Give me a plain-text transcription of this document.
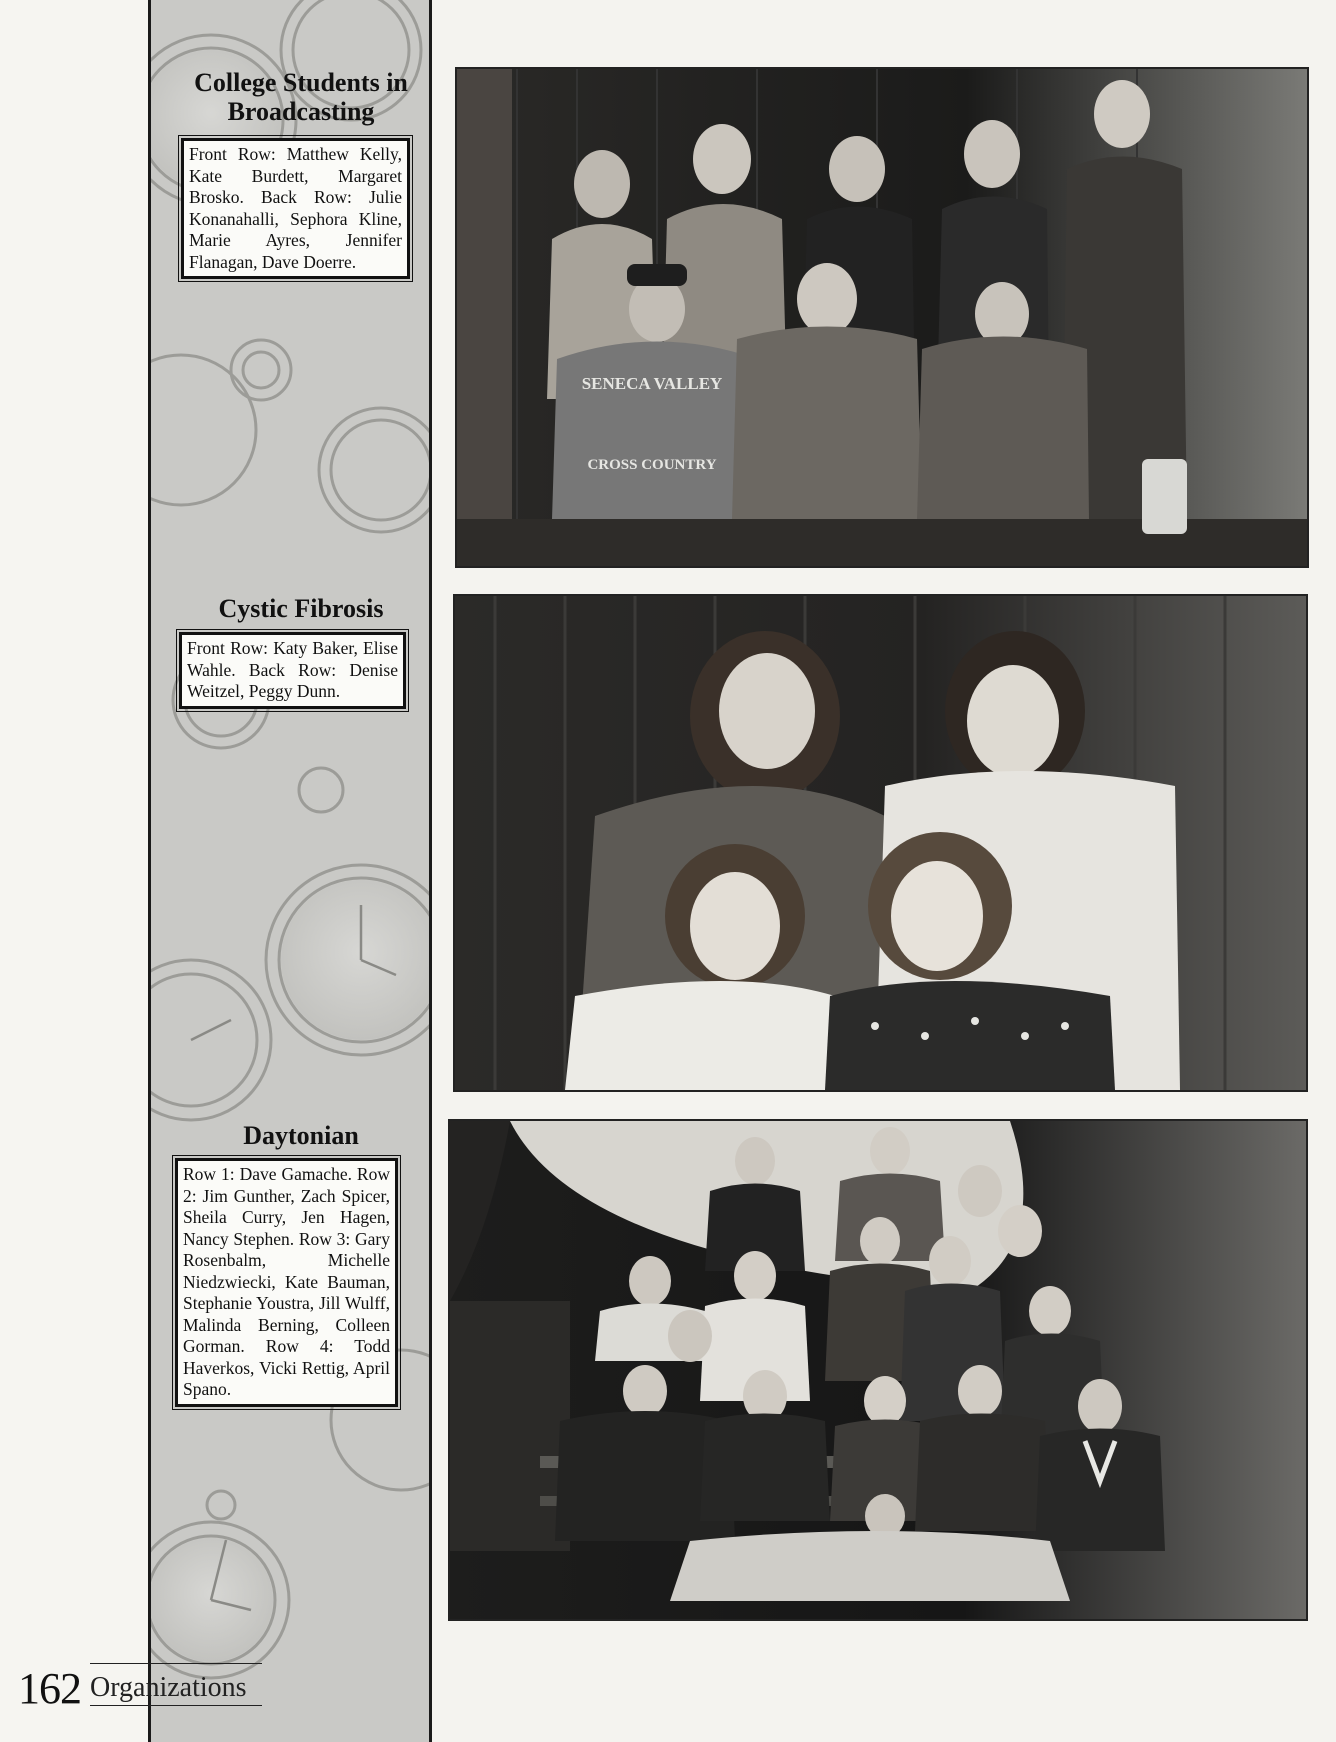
College Students in Broadcasting
Front Row: Matthew Kelly, Kate Burdett, Margaret Brosko. Back Row: Julie Konanahalli, Sephora Kline, Marie Ayres, Jennifer Flanagan, Dave Doerre.
Cystic Fibrosis
Front Row: Katy Baker, Elise Wahle. Back Row: Denise Weitzel, Peggy Dunn.
Daytonian
Row 1: Dave Gamache. Row 2: Jim Gunther, Zach Spicer, Sheila Curry, Jen Hagen, Nancy Stephen. Row 3: Gary Rosenbalm, Michelle Niedzwiecki, Kate Bauman, Stephanie Youstra, Jill Wulff, Malinda Berning, Colleen Gorman. Row 4: Todd Haverkos, Vicki Rettig, April Spano.
SENECA VALLEY
CROSS COUNTRY
162 Organizations
